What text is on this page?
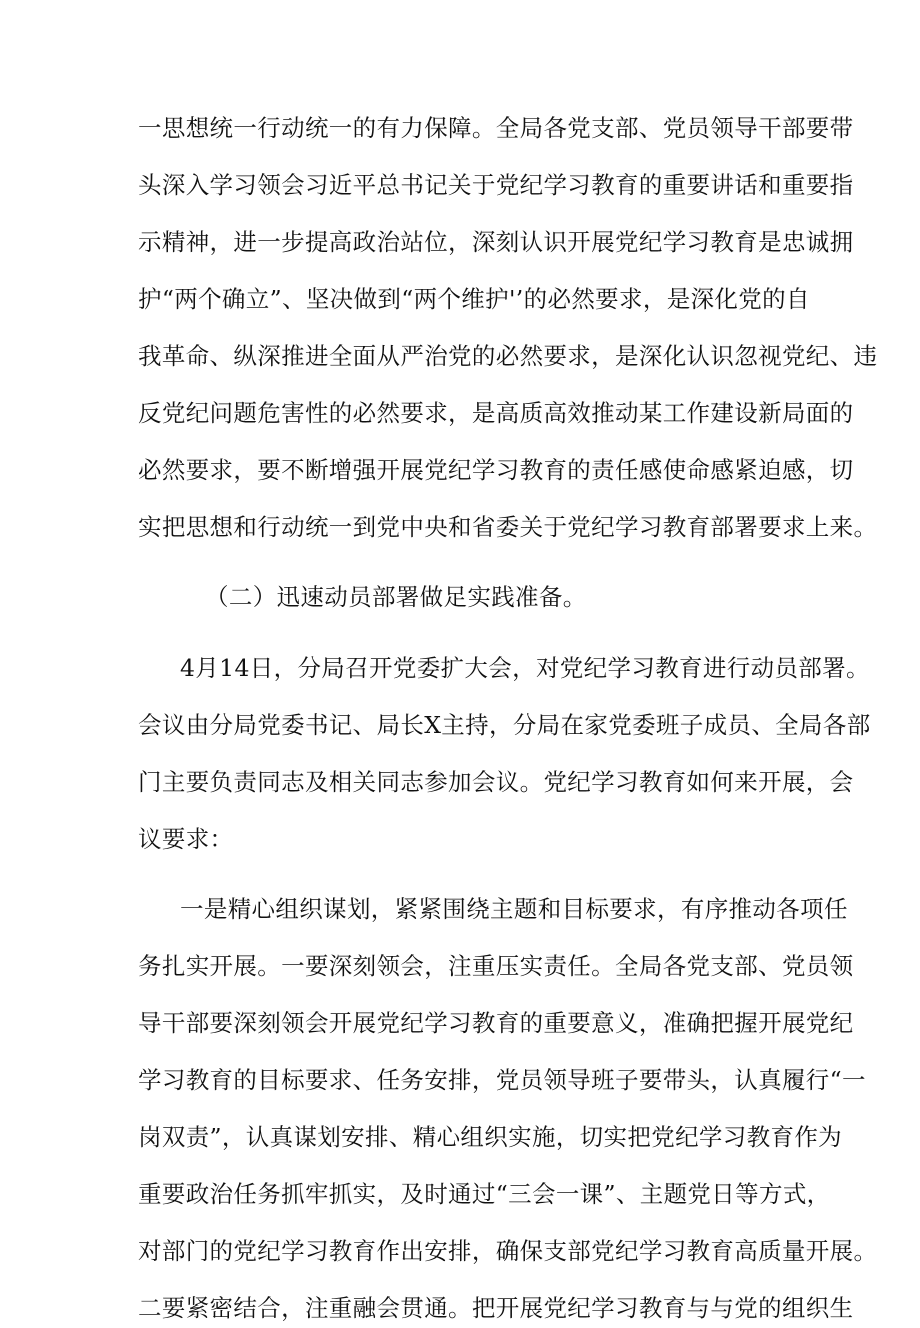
一思想统一行动统一的有力保障。全局各党支部、党员领导干部要带
头深入学习领会习近平总书记关于党纪学习教育的重要讲话和重要指
示精神，进一步提高政治站位，深刻认识开展党纪学习教育是忠诚拥
护“两个确立”、坚决做到“两个维护'’的必然要求，是深化党的自
我革命、纵深推进全面从严治党的必然要求，是深化认识忽视党纪、违
反党纪问题危害性的必然要求，是高质高效推动某工作建设新局面的
必然要求，要不断增强开展党纪学习教育的责任感使命感紧迫感，切
实把思想和行动统一到党中央和省委关于党纪学习教育部署要求上来。
（二）迅速动员部署做足实践准备。
4月14日，分局召开党委扩大会，对党纪学习教育进行动员部署。
会议由分局党委书记、局长X主持，分局在家党委班子成员、全局各部
门主要负责同志及相关同志参加会议。党纪学习教育如何来开展，会
议要求：
一是精心组织谋划，紧紧围绕主题和目标要求，有序推动各项任
务扎实开展。一要深刻领会，注重压实责任。全局各党支部、党员领
导干部要深刻领会开展党纪学习教育的重要意义，准确把握开展党纪
学习教育的目标要求、任务安排，党员领导班子要带头，认真履行“一
岗双责”，认真谋划安排、精心组织实施，切实把党纪学习教育作为
重要政治任务抓牢抓实，及时通过“三会一课”、主题党日等方式，
对部门的党纪学习教育作出安排，确保支部党纪学习教育高质量开展。
二要紧密结合，注重融会贯通。把开展党纪学习教育与与党的组织生
